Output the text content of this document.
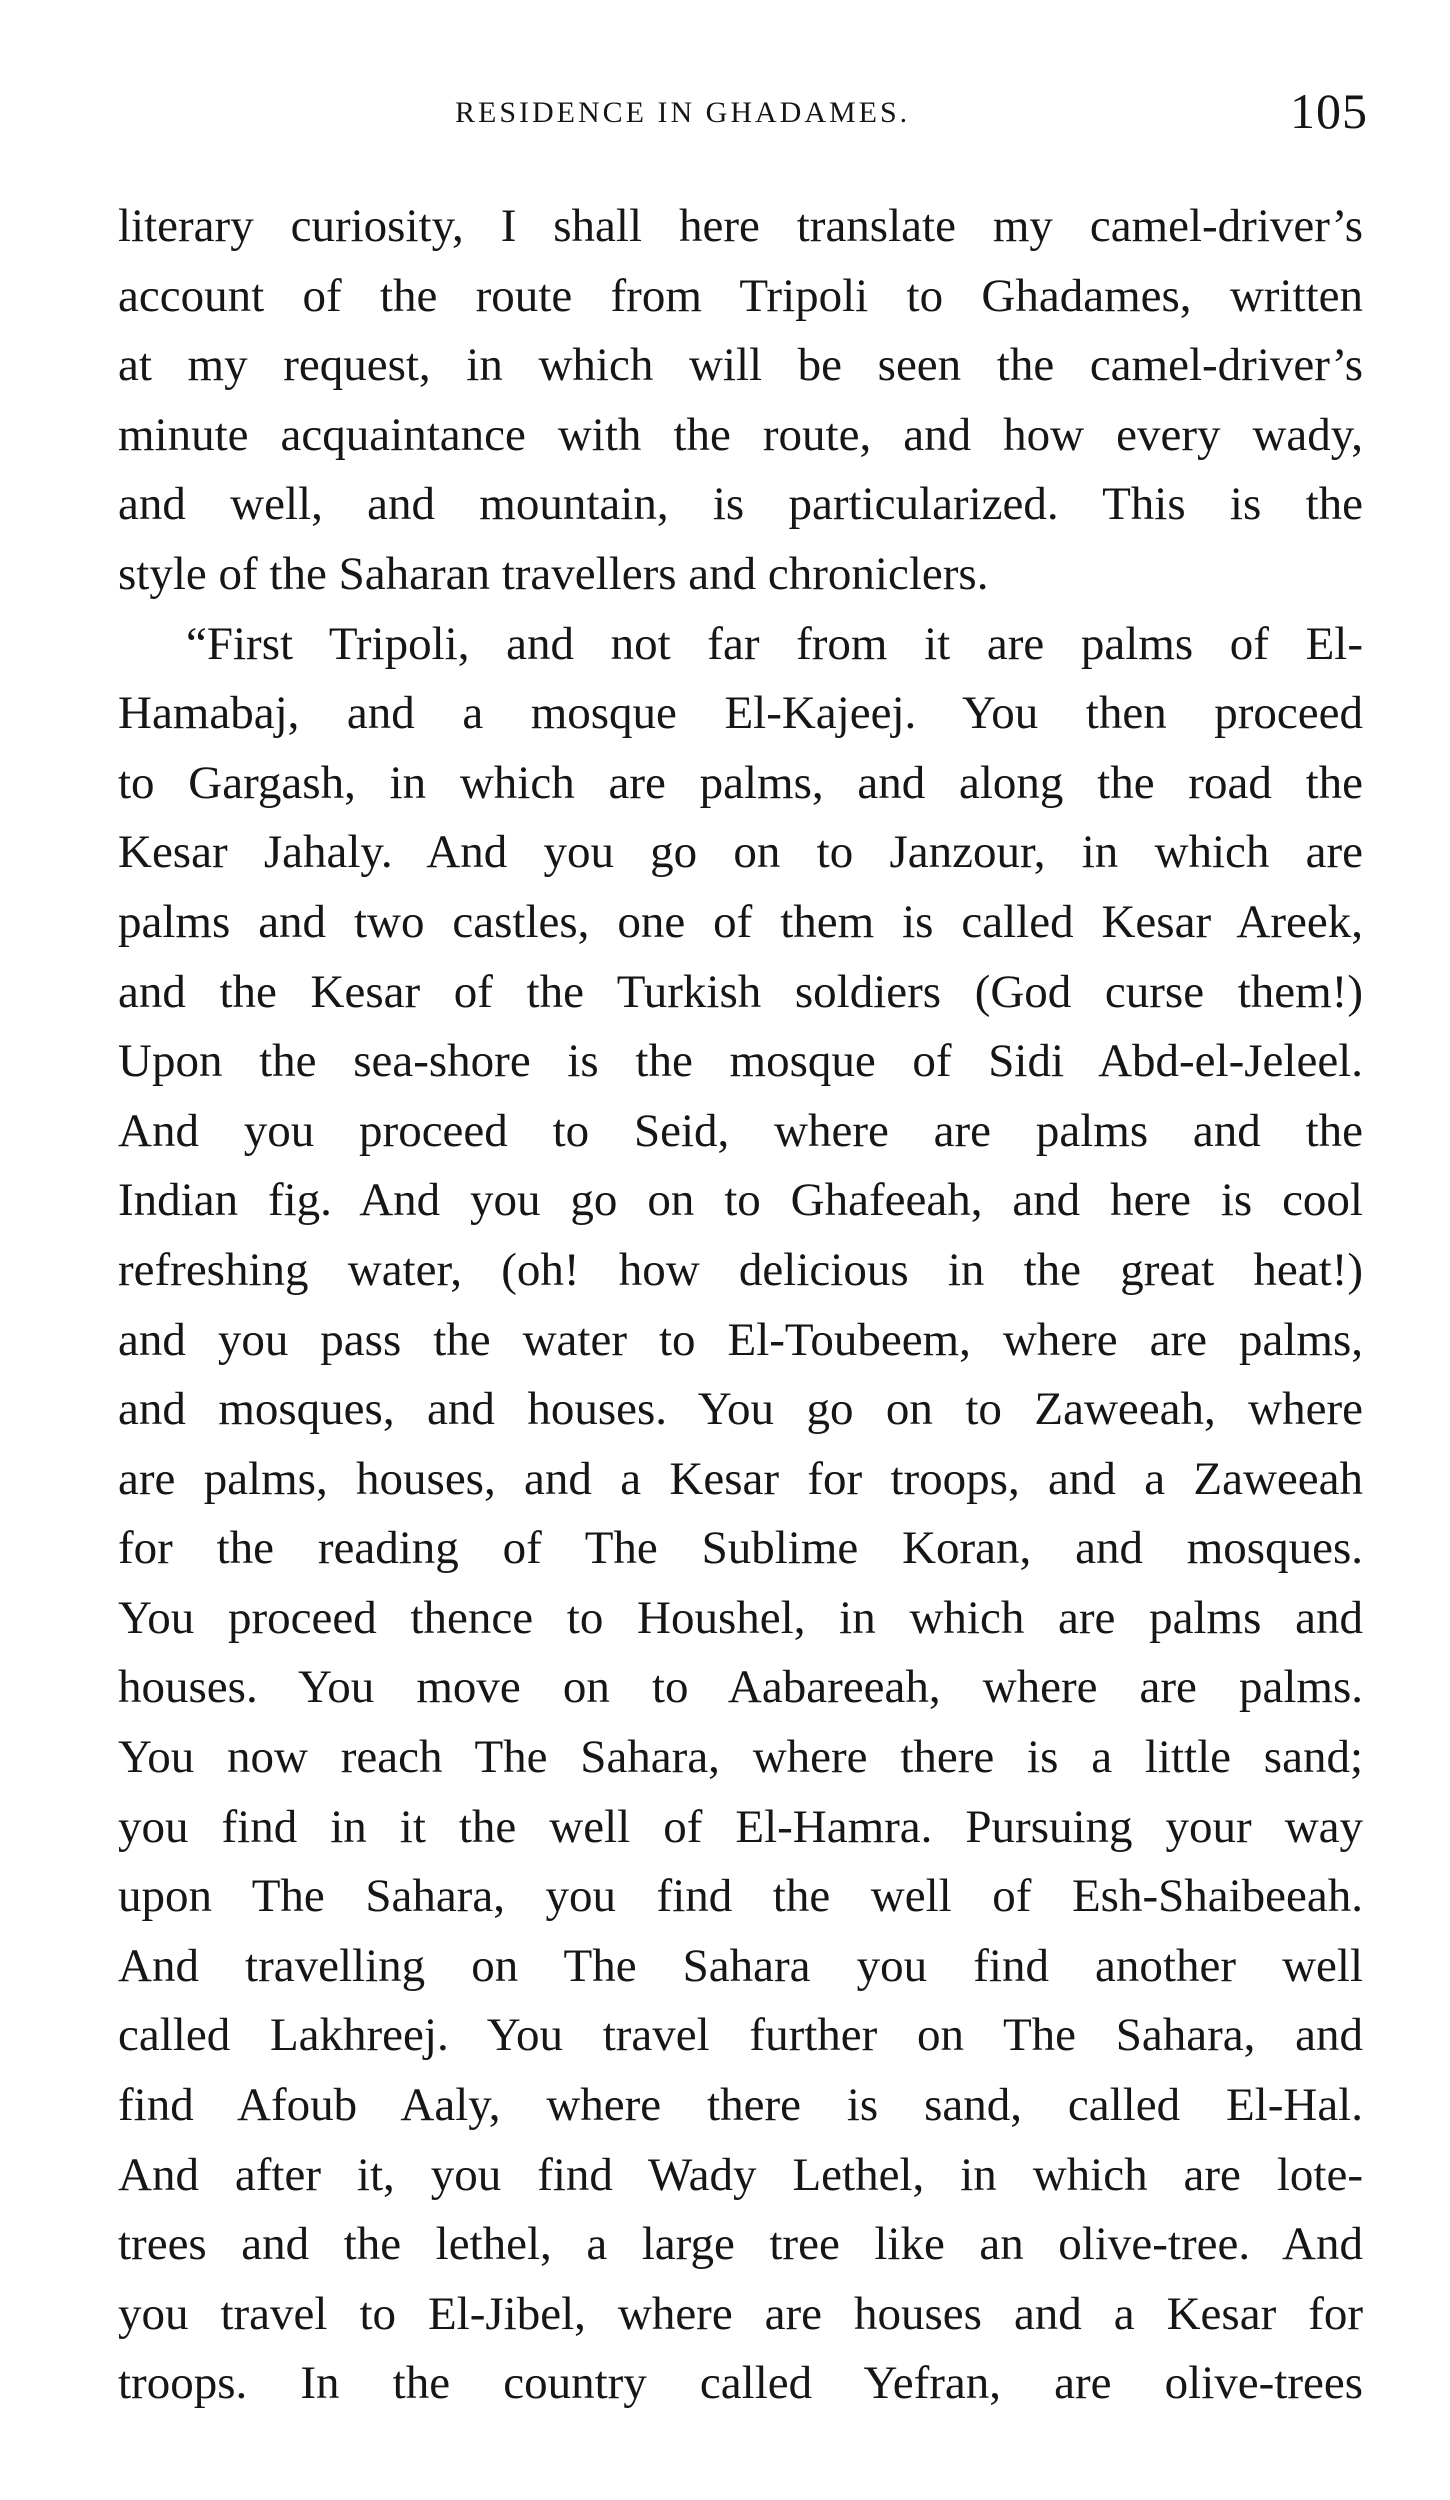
RESIDENCE IN GHADAMES.	105
literary curiosity, I shall here translate my camel-driver’s
account of the route from Tripoli to Ghadames, written
at my request, in which will be seen the camel-driver’s
minute acquaintance with the route, and how every wady,
and well, and mountain, is particularized. This is the
style of the Saharan travellers and chroniclers.
“First Tripoli, and not far from it are palms of El-
Hamabaj, and a mosque El-Kajeej. You then proceed
to Gargash, in which are palms, and along the road the
Kesar Jahaly. And you go on to Janzour, in which are
palms and two castles, one of them is called Kesar Areek,
and the Kesar of the Turkish soldiers (God curse them!)
Upon the sea-shore is the mosque of Sidi Abd-el-Jeleel.
And you proceed to Seid, where are palms and the
Indian fig. And you go on to Ghafeeah, and here is cool
refreshing water, (oh! how delicious in the great heat!)
and you pass the water to El-Toubeem, where are palms,
and mosques, and houses. You go on to Zaweeah, where
are palms, houses, and a Kesar for troops, and a Zaweeah
for the reading of The Sublime Koran, and mosques.
You proceed thence to Houshel, in which are palms and
houses. You move on to Aabareeah, where are palms.
You now reach The Sahara, where there is a little sand;
you find in it the well of El-Hamra. Pursuing your way
upon The Sahara, you find the well of Esh-Shaibeeah.
And travelling on The Sahara you find another well
called Lakhreej. You travel further on The Sahara, and
find Afoub Aaly, where there is sand, called El-Hal.
And after it, you find Wady Lethel, in which are lote-
trees and the lethel, a large tree like an olive-tree. And
you travel to El-Jibel, where are houses and a Kesar for
troops. In the country called Yefran, are olive-trees
